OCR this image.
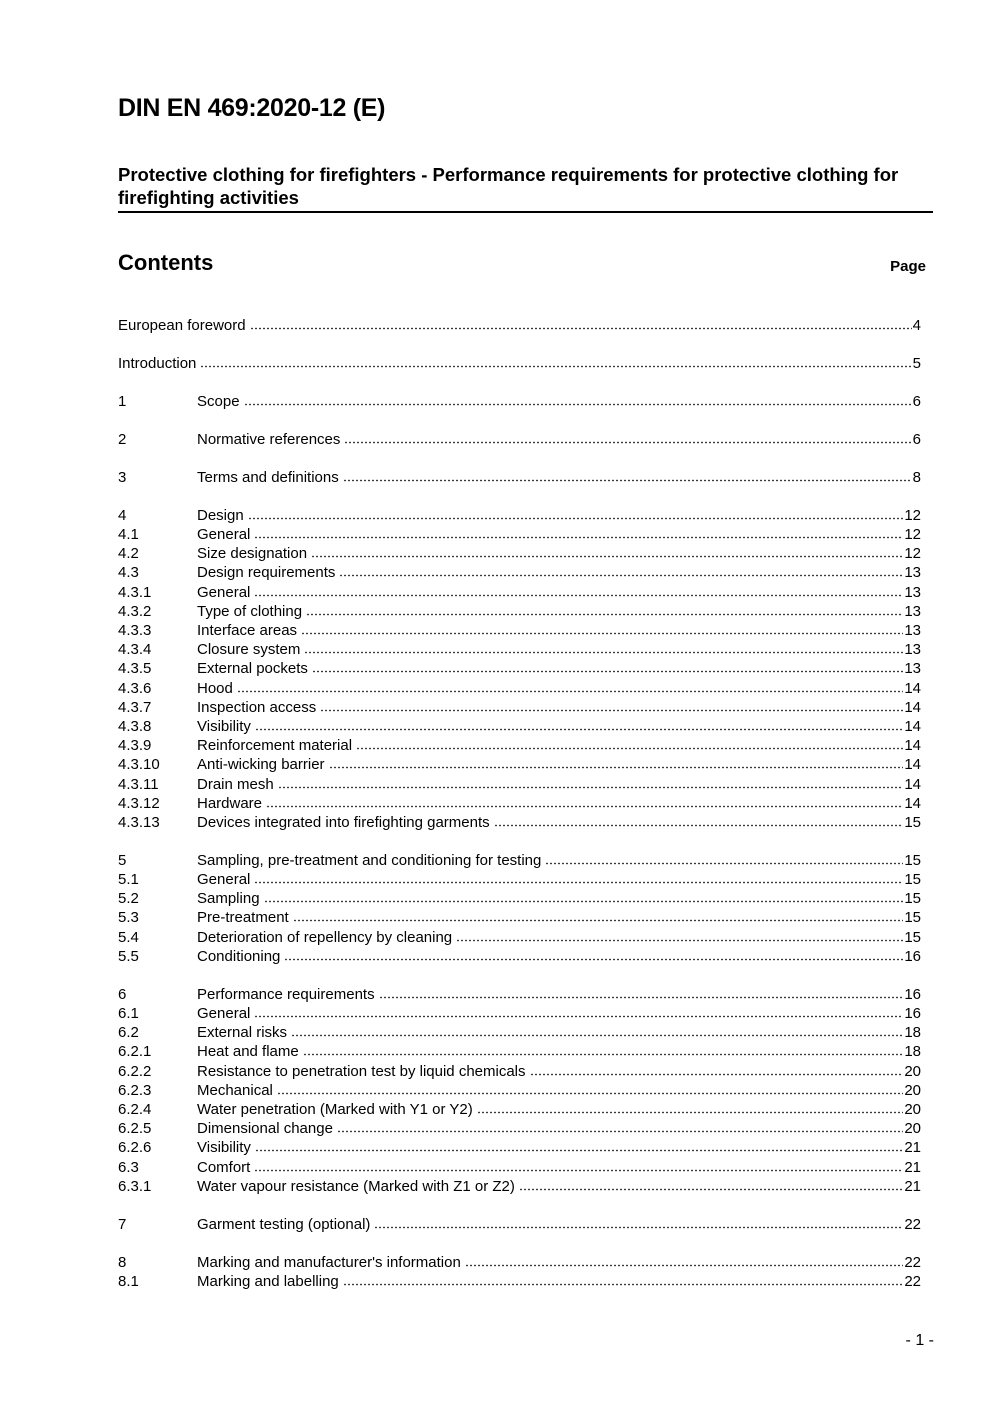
DIN EN 469:2020-12 (E)
Protective clothing for firefighters - Performance requirements for protective clothing for firefighting activities
Contents	Page
European foreword	4
Introduction	5
1	Scope	6
2	Normative references	6
3	Terms and definitions	8
4	Design	12
4.1	General	12
4.2	Size designation	12
4.3	Design requirements	13
4.3.1	General	13
4.3.2	Type of clothing	13
4.3.3	Interface areas	13
4.3.4	Closure system	13
4.3.5	External pockets	13
4.3.6	Hood	14
4.3.7	Inspection access	14
4.3.8	Visibility	14
4.3.9	Reinforcement material	14
4.3.10	Anti-wicking barrier	14
4.3.11	Drain mesh	14
4.3.12	Hardware	14
4.3.13	Devices integrated into firefighting garments	15
5	Sampling, pre-treatment and conditioning for testing	15
5.1	General	15
5.2	Sampling	15
5.3	Pre-treatment	15
5.4	Deterioration of repellency by cleaning	15
5.5	Conditioning	16
6	Performance requirements	16
6.1	General	16
6.2	External risks	18
6.2.1	Heat and flame	18
6.2.2	Resistance to penetration test by liquid chemicals	20
6.2.3	Mechanical	20
6.2.4	Water penetration (Marked with Y1 or Y2)	20
6.2.5	Dimensional change	20
6.2.6	Visibility	21
6.3	Comfort	21
6.3.1	Water vapour resistance (Marked with Z1 or Z2)	21
7	Garment testing (optional)	22
8	Marking and manufacturer's information	22
8.1	Marking and labelling	22
- 1 -
